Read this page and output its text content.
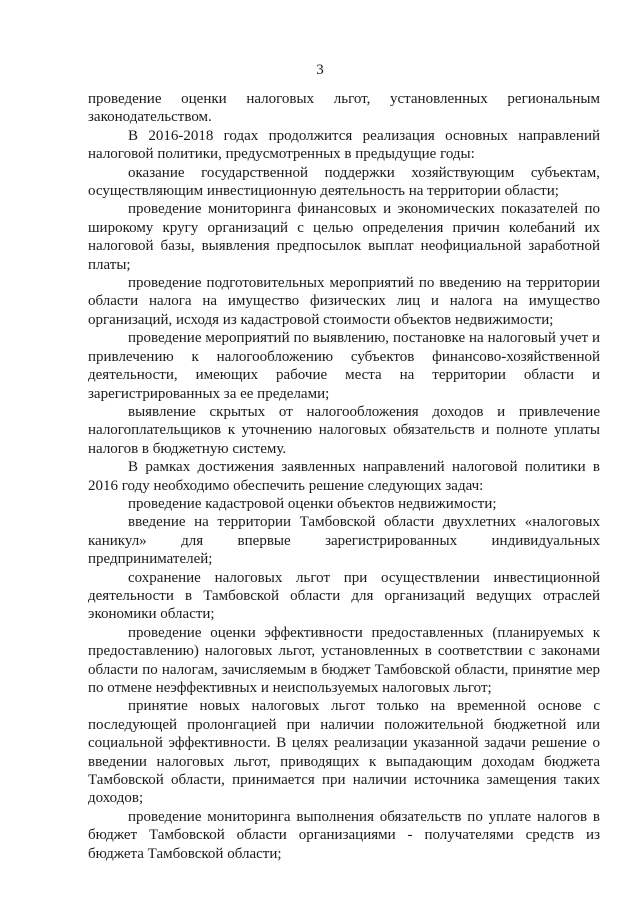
3

проведение оценки налоговых льгот, установленных региональным законодательством.

В 2016-2018 годах продолжится реализация основных направлений налоговой политики, предусмотренных в предыдущие годы:

оказание государственной поддержки хозяйствующим субъектам, осуществляющим инвестиционную деятельность на территории области;

проведение мониторинга финансовых и экономических показателей по широкому кругу организаций с целью определения причин колебаний их налоговой базы, выявления предпосылок выплат неофициальной заработной платы;

проведение подготовительных мероприятий по введению на территории области налога на имущество физических лиц и налога на имущество организаций, исходя из кадастровой стоимости объектов недвижимости;

проведение мероприятий по выявлению, постановке на налоговый учет и привлечению к налогообложению субъектов финансово-хозяйственной деятельности, имеющих рабочие места на территории области и зарегистрированных за ее пределами;

выявление скрытых от налогообложения доходов и привлечение налогоплательщиков к уточнению налоговых обязательств и полноте уплаты налогов в бюджетную систему.

В рамках достижения заявленных направлений налоговой политики в 2016 году необходимо обеспечить решение следующих задач:

проведение кадастровой оценки объектов недвижимости;

введение на территории Тамбовской области двухлетних «налоговых каникул» для впервые зарегистрированных индивидуальных предпринимателей;

сохранение налоговых льгот при осуществлении инвестиционной деятельности в Тамбовской области для организаций ведущих отраслей экономики области;

проведение оценки эффективности предоставленных (планируемых к предоставлению) налоговых льгот, установленных в соответствии с законами области по налогам, зачисляемым в бюджет Тамбовской области, принятие мер по отмене неэффективных и неиспользуемых налоговых льгот;

принятие новых налоговых льгот только на временной основе с последующей пролонгацией при наличии положительной бюджетной или социальной эффективности. В целях реализации указанной задачи решение о введении налоговых льгот, приводящих к выпадающим доходам бюджета Тамбовской области, принимается при наличии источника замещения таких доходов;

проведение мониторинга выполнения обязательств по уплате налогов в бюджет Тамбовской области организациями - получателями средств из бюджета Тамбовской области;
